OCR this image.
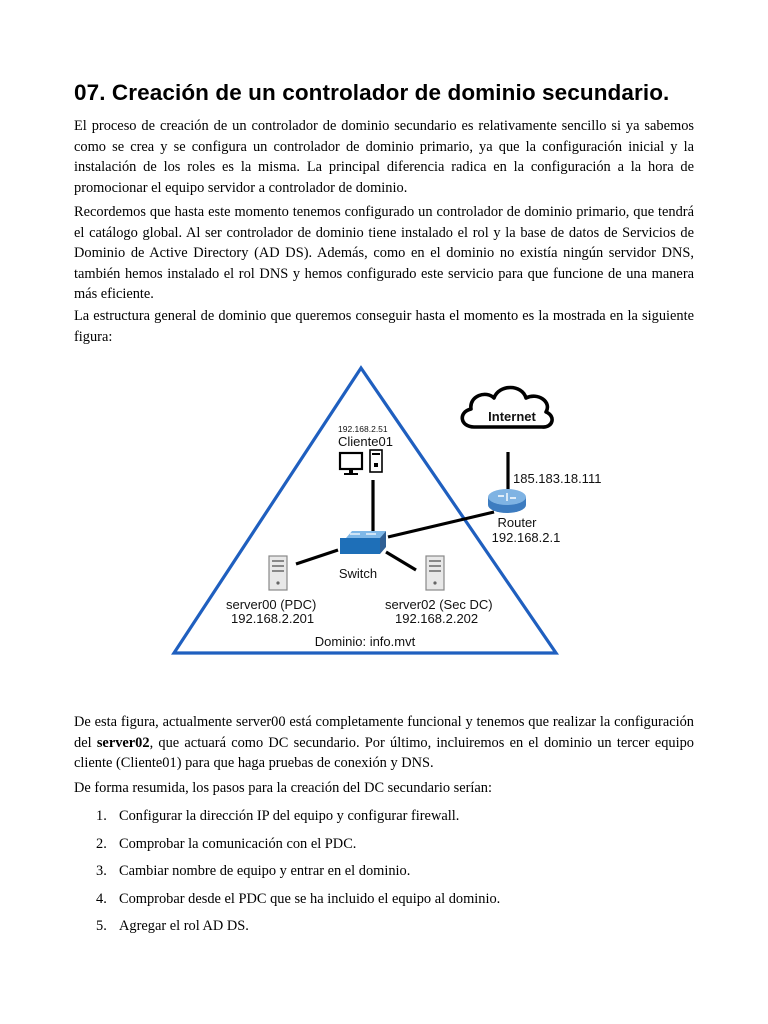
07. Creación de un controlador de dominio secundario.

El proceso de creación de un controlador de dominio secundario es relativamente sencillo si ya sabemos como se crea y se configura un controlador de dominio primario, ya que la configuración inicial y la instalación de los roles es la misma. La principal diferencia radica en la configuración a la hora de promocionar el equipo servidor a controlador de dominio.

Recordemos que hasta este momento tenemos configurado un controlador de dominio primario, que tendrá el catálogo global. Al ser controlador de dominio tiene instalado el rol y la base de datos de Servicios de Dominio de Active Directory (AD DS). Además, como en el dominio no existía ningún servidor DNS, también hemos instalado el rol DNS y hemos configurado este servicio para que funcione de una manera más eficiente.

La estructura general de dominio que queremos conseguir hasta el momento es la mostrada en la siguiente figura:

Internet
185.183.18.111
Router
192.168.2.1
192.168.2.51
Cliente01
Switch
server00 (PDC)
192.168.2.201
server02 (Sec DC)
192.168.2.202
Dominio: info.mvt

De esta figura, actualmente server00 está completamente funcional y tenemos que realizar la configuración del server02, que actuará como DC secundario. Por último, incluiremos en el dominio un tercer equipo cliente (Cliente01) para que haga pruebas de conexión y DNS.

De forma resumida, los pasos para la creación del DC secundario serían:

1. Configurar la dirección IP del equipo y configurar firewall.
2. Comprobar la comunicación con el PDC.
3. Cambiar nombre de equipo y entrar en el dominio.
4. Comprobar desde el PDC que se ha incluido el equipo al dominio.
5. Agregar el rol AD DS.
